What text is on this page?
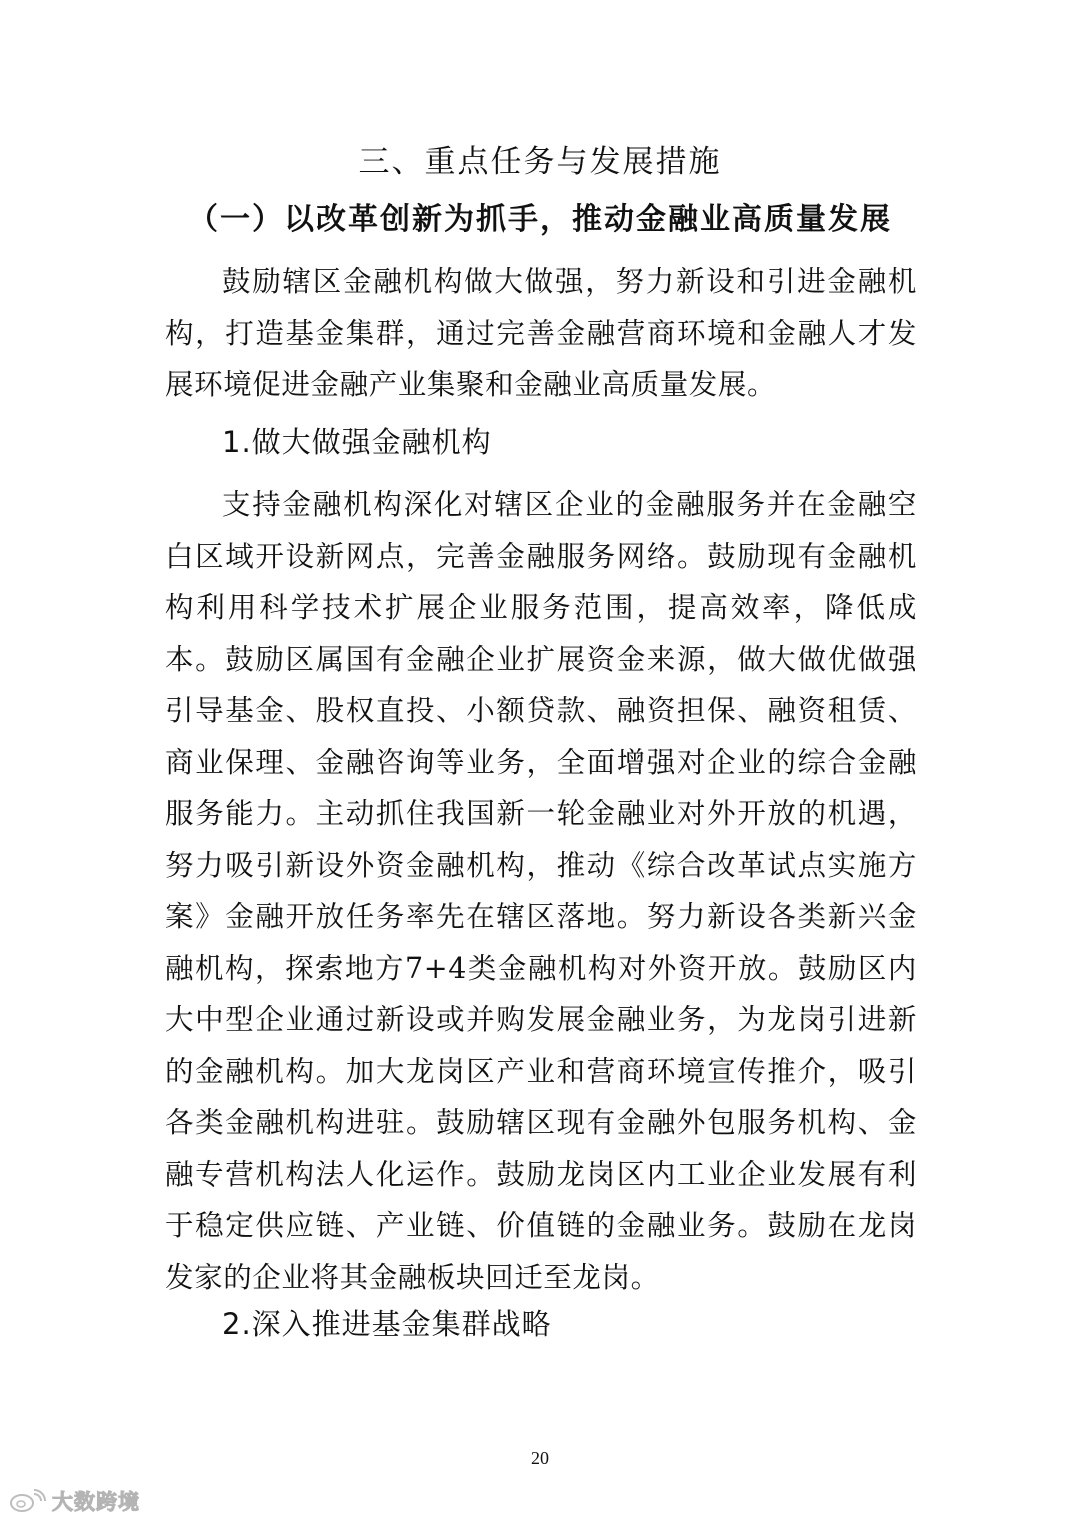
三、重点任务与发展措施
（一）以改革创新为抓手，推动金融业高质量发展

鼓励辖区金融机构做大做强，努力新设和引进金融机构，打造基金集群，通过完善金融营商环境和金融人才发展环境促进金融产业集聚和金融业高质量发展。

1.做大做强金融机构

支持金融机构深化对辖区企业的金融服务并在金融空白区域开设新网点，完善金融服务网络。鼓励现有金融机构利用科学技术扩展企业服务范围，提高效率，降低成本。鼓励区属国有金融企业扩展资金来源，做大做优做强引导基金、股权直投、小额贷款、融资担保、融资租赁、商业保理、金融咨询等业务，全面增强对企业的综合金融服务能力。主动抓住我国新一轮金融业对外开放的机遇，努力吸引新设外资金融机构，推动《综合改革试点实施方案》金融开放任务率先在辖区落地。努力新设各类新兴金融机构，探索地方7+4类金融机构对外资开放。鼓励区内大中型企业通过新设或并购发展金融业务，为龙岗引进新的金融机构。加大龙岗区产业和营商环境宣传推介，吸引各类金融机构进驻。鼓励辖区现有金融外包服务机构、金融专营机构法人化运作。鼓励龙岗区内工业企业发展有利于稳定供应链、产业链、价值链的金融业务。鼓励在龙岗发家的企业将其金融板块回迁至龙岗。

2.深入推进基金集群战略
20
大数跨境
